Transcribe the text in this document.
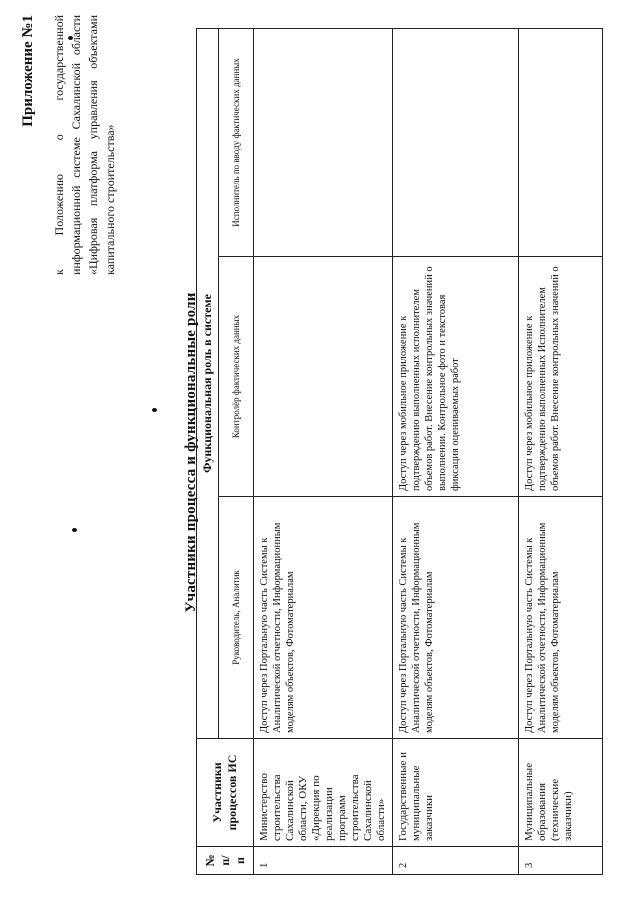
Приложение №1 к Положению о государственной информационной системе Сахалинской области «Цифровая платформа управления объектами капитального строительства»
Участники процесса и функциональные роли
№ п/п	Участники процессов ИС	Функциональная роль в системе		
		Руководитель, Аналитик	Контролёр фактических данных	Исполнитель по вводу фактических данных
1	Министерство строительства Сахалинской области, ОКУ «Дирекция по реализации программ строительства Сахалинской области»	Доступ через Портальную часть Системы к Аналитической отчетности, Информационным моделям объектов, Фотоматериалам		
2	Государственные и муниципальные заказчики	Доступ через Портальную часть Системы к Аналитической отчетности, Информационным моделям объектов, Фотоматериалам	Доступ через мобильное приложение к подтверждению выполненных исполнителем объемов работ. Внесение контрольных значений о выполнении. Контрольное фото и текстовая фиксация оцениваемых работ	
3	Муниципальные образования (технические заказчики)	Доступ через Портальную часть Системы к Аналитической отчетности, Информационным моделям объектов, Фотоматериалам	Доступ через мобильное приложение к подтверждению выполненных Исполнителем объемов работ. Внесение контрольных значений о	
